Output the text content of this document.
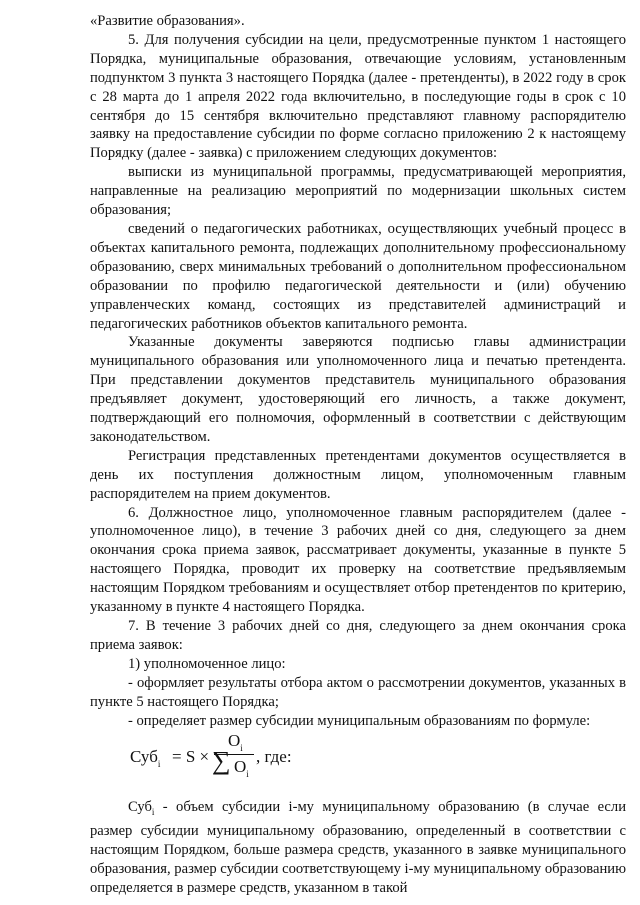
«Развитие образования».

5. Для получения субсидии на цели, предусмотренные пунктом 1 настоящего Порядка, муниципальные образования, отвечающие условиям, установленным подпунктом 3 пункта 3 настоящего Порядка (далее - претенденты), в 2022 году в срок с 28 марта до 1 апреля 2022 года включительно, в последующие годы в срок с 10 сентября до 15 сентября включительно представляют главному распорядителю заявку на предоставление субсидии по форме согласно приложению 2 к настоящему Порядку (далее - заявка) с приложением следующих документов:

выписки из муниципальной программы, предусматривающей мероприятия, направленные на реализацию мероприятий по модернизации школьных систем образования;

сведений о педагогических работниках, осуществляющих учебный процесс в объектах капитального ремонта, подлежащих дополнительному профессиональному образованию, сверх минимальных требований о дополнительном профессиональном образовании по профилю педагогической деятельности и (или) обучению управленческих команд, состоящих из представителей администраций и педагогических работников объектов капитального ремонта.

Указанные документы заверяются подписью главы администрации муниципального образования или уполномоченного лица и печатью претендента. При представлении документов представитель муниципального образования предъявляет документ, удостоверяющий его личность, а также документ, подтверждающий его полномочия, оформленный в соответствии с действующим законодательством.

Регистрация представленных претендентами документов осуществляется в день их поступления должностным лицом, уполномоченным главным распорядителем на прием документов.

6. Должностное лицо, уполномоченное главным распорядителем (далее - уполномоченное лицо), в течение 3 рабочих дней со дня, следующего за днем окончания срока приема заявок, рассматривает документы, указанные в пункте 5 настоящего Порядка, проводит их проверку на соответствие предъявляемым настоящим Порядком требованиям и осуществляет отбор претендентов по критерию, указанному в пункте 4 настоящего Порядка.

7. В течение 3 рабочих дней со дня, следующего за днем окончания срока приема заявок:

1) уполномоченное лицо:

- оформляет результаты отбора актом о рассмотрении документов, указанных в пункте 5 настоящего Порядка;

- определяет размер субсидии муниципальным образованиям по формуле:

Суб$_i$ = S ×
$O_i$
∑ $O_i$
, где:

Суб$_i$ - объем субсидии i-му муниципальному образованию (в случае если размер субсидии муниципальному образованию, определенный в соответствии с настоящим Порядком, больше размера средств, указанного в заявке муниципального образования, размер субсидии соответствующему i-му муниципальному образованию определяется в размере средств, указанном в такой
